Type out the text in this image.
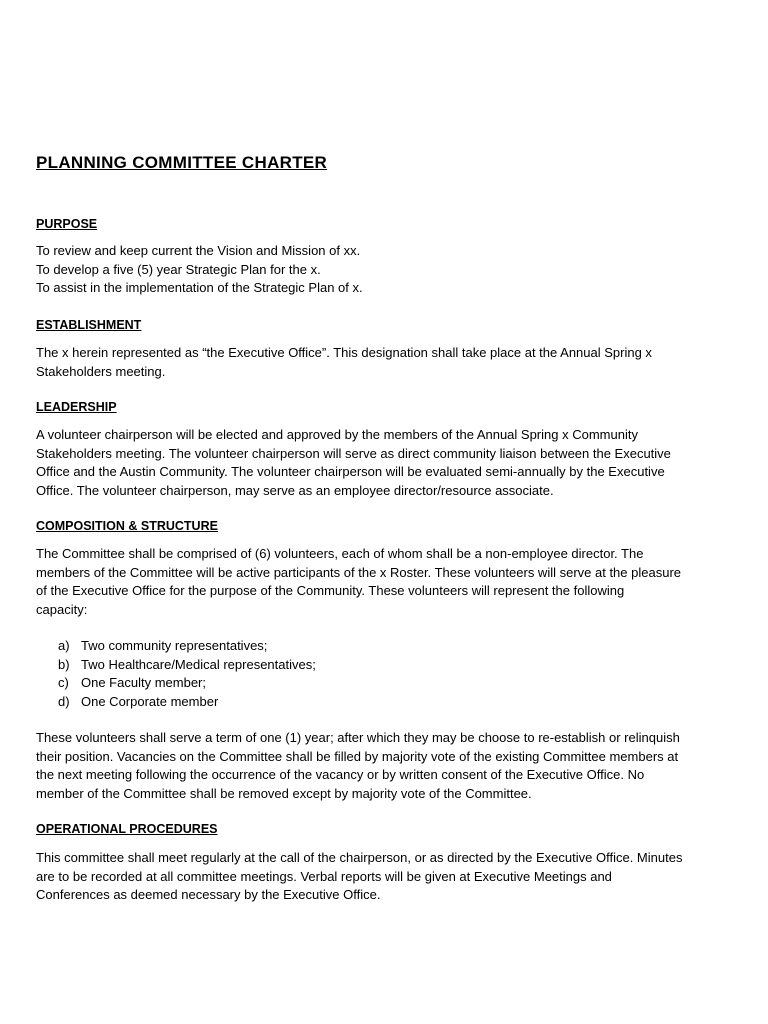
PLANNING COMMITTEE CHARTER
PURPOSE

To review and keep current the Vision and Mission of xx.
To develop a five (5) year Strategic Plan for the x.
To assist in the implementation of the Strategic Plan of x.

ESTABLISHMENT

The x herein represented as “the Executive Office”. This designation shall take place at the Annual Spring x
Stakeholders meeting.

LEADERSHIP

A volunteer chairperson will be elected and approved by the members of the Annual Spring x Community
Stakeholders meeting. The volunteer chairperson will serve as direct community liaison between the Executive
Office and the Austin Community. The volunteer chairperson will be evaluated semi-annually by the Executive
Office. The volunteer chairperson, may serve as an employee director/resource associate.

COMPOSITION & STRUCTURE

The Committee shall be comprised of (6) volunteers, each of whom shall be a non-employee director. The
members of the Committee will be active participants of the x Roster. These volunteers will serve at the pleasure
of the Executive Office for the purpose of the Community. These volunteers will represent the following
capacity:

a) Two community representatives;
b) Two Healthcare/Medical representatives;
c) One Faculty member;
d) One Corporate member

These volunteers shall serve a term of one (1) year; after which they may be choose to re-establish or relinquish
their position. Vacancies on the Committee shall be filled by majority vote of the existing Committee members at
the next meeting following the occurrence of the vacancy or by written consent of the Executive Office. No
member of the Committee shall be removed except by majority vote of the Committee.

OPERATIONAL PROCEDURES

This committee shall meet regularly at the call of the chairperson, or as directed by the Executive Office. Minutes
are to be recorded at all committee meetings. Verbal reports will be given at Executive Meetings and
Conferences as deemed necessary by the Executive Office.
